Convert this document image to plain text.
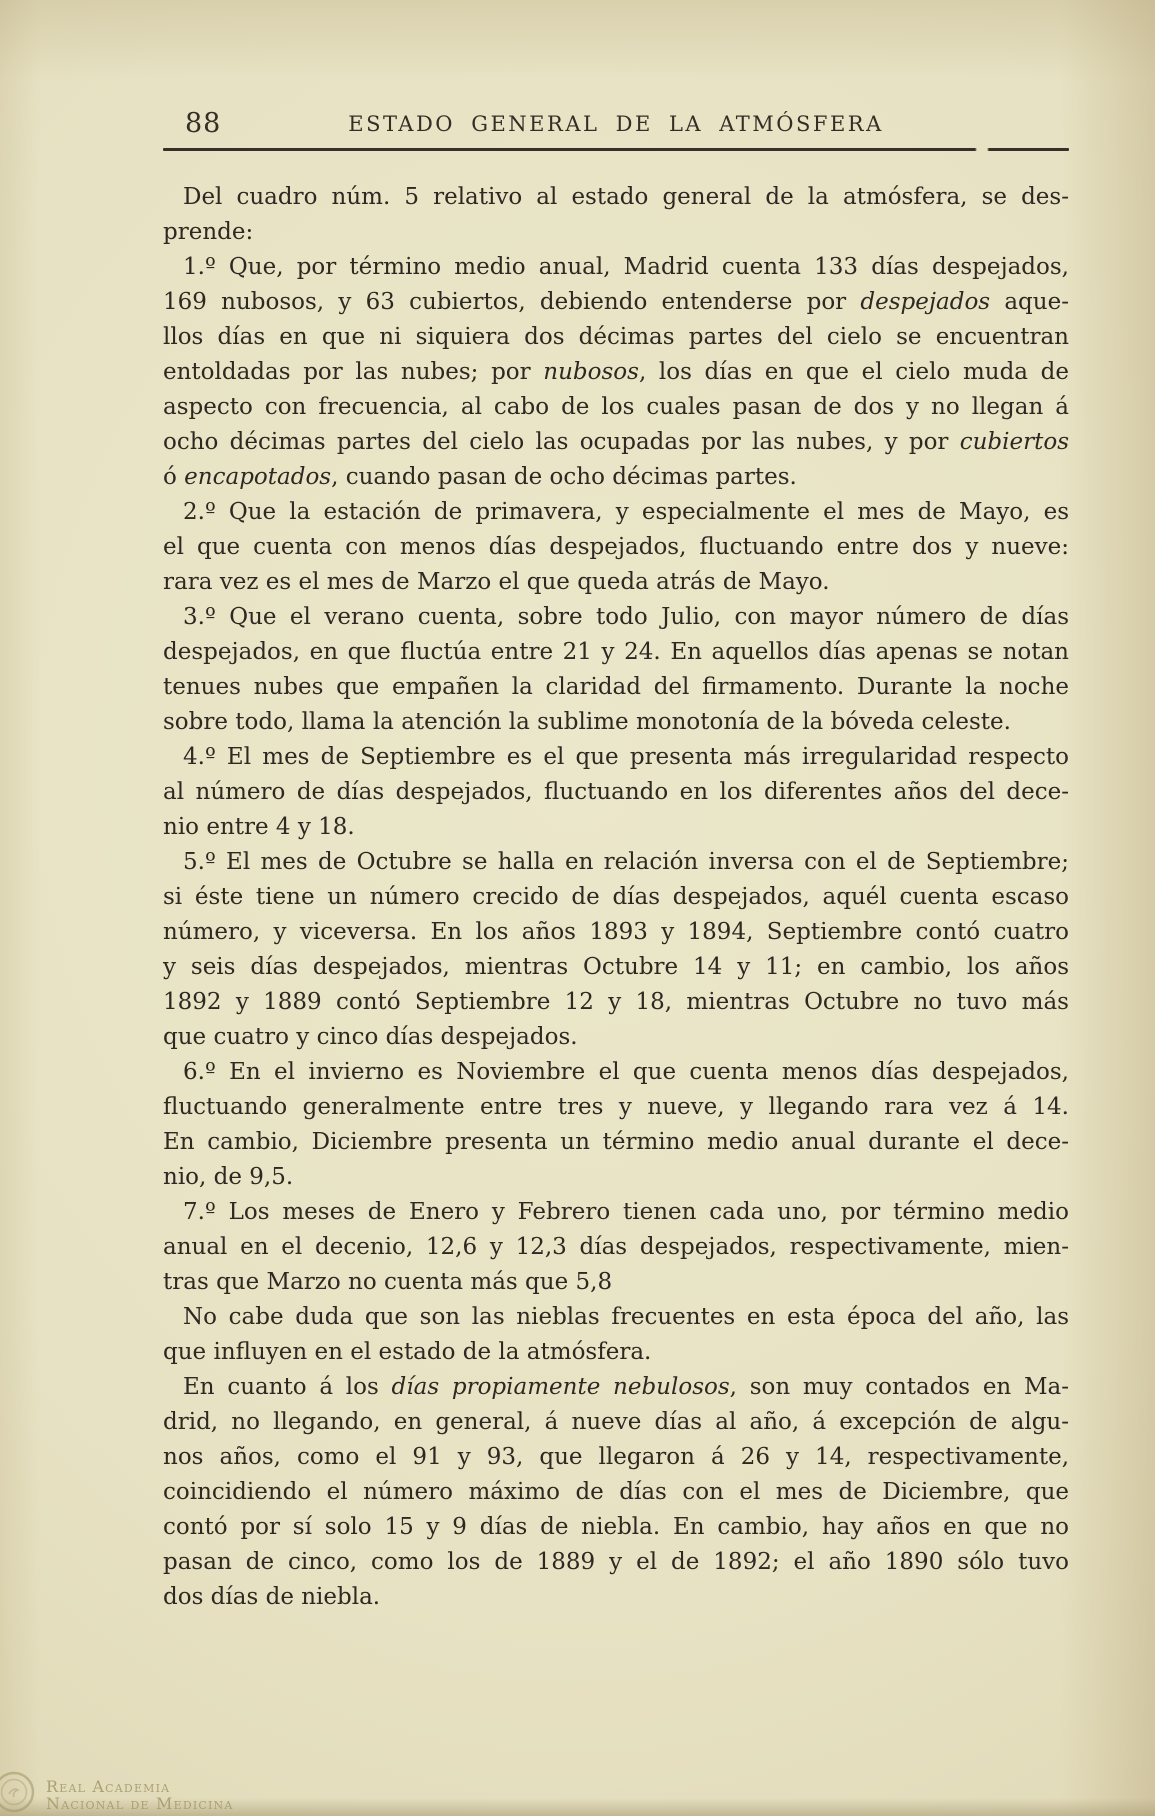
88	ESTADO GENERAL DE LA ATMÓSFERA
Del cuadro núm. 5 relativo al estado general de la atmósfera, se des-
prende:
1.º Que, por término medio anual, Madrid cuenta 133 días despejados,
169 nubosos, y 63 cubiertos, debiendo entenderse por despejados aque-
llos días en que ni siquiera dos décimas partes del cielo se encuentran
entoldadas por las nubes; por nubosos, los días en que el cielo muda de
aspecto con frecuencia, al cabo de los cuales pasan de dos y no llegan á
ocho décimas partes del cielo las ocupadas por las nubes, y por cubiertos
ó encapotados, cuando pasan de ocho décimas partes.
2.º Que la estación de primavera, y especialmente el mes de Mayo, es
el que cuenta con menos días despejados, fluctuando entre dos y nueve:
rara vez es el mes de Marzo el que queda atrás de Mayo.
3.º Que el verano cuenta, sobre todo Julio, con mayor número de días
despejados, en que fluctúa entre 21 y 24. En aquellos días apenas se notan
tenues nubes que empañen la claridad del firmamento. Durante la noche
sobre todo, llama la atención la sublime monotonía de la bóveda celeste.
4.º El mes de Septiembre es el que presenta más irregularidad respecto
al número de días despejados, fluctuando en los diferentes años del dece-
nio entre 4 y 18.
5.º El mes de Octubre se halla en relación inversa con el de Septiembre;
si éste tiene un número crecido de días despejados, aquél cuenta escaso
número, y viceversa. En los años 1893 y 1894, Septiembre contó cuatro
y seis días despejados, mientras Octubre 14 y 11; en cambio, los años
1892 y 1889 contó Septiembre 12 y 18, mientras Octubre no tuvo más
que cuatro y cinco días despejados.
6.º En el invierno es Noviembre el que cuenta menos días despejados,
fluctuando generalmente entre tres y nueve, y llegando rara vez á 14.
En cambio, Diciembre presenta un término medio anual durante el dece-
nio, de 9,5.
7.º Los meses de Enero y Febrero tienen cada uno, por término medio
anual en el decenio, 12,6 y 12,3 días despejados, respectivamente, mien-
tras que Marzo no cuenta más que 5,8
No cabe duda que son las nieblas frecuentes en esta época del año, las
que influyen en el estado de la atmósfera.
En cuanto á los días propiamente nebulosos, son muy contados en Ma-
drid, no llegando, en general, á nueve días al año, á excepción de algu-
nos años, como el 91 y 93, que llegaron á 26 y 14, respectivamente,
coincidiendo el número máximo de días con el mes de Diciembre, que
contó por sí solo 15 y 9 días de niebla. En cambio, hay años en que no
pasan de cinco, como los de 1889 y el de 1892; el año 1890 sólo tuvo
dos días de niebla.
Real Academia
Nacional de Medicina
